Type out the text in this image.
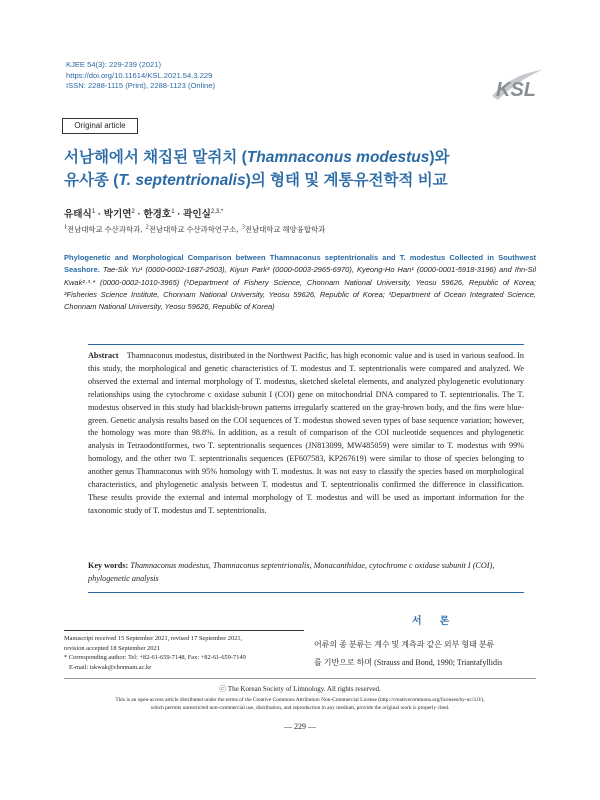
KJEE 54(3): 229-239 (2021)
https://doi.org/10.11614/KSL.2021.54.3.229
ISSN: 2288-1115 (Print), 2288-1123 (Online)	KSL
Original article
서남해에서 채집된 말쥐치 (Thamnaconus modestus)와
유사종 (T. septentrionalis)의 형태 및 계통유전학적 비교
유태식$^1$ · 박기연$^2$ · 한경호$^1$ · 곽인실$^{2,3,*}$
$^1$전남대학교 수산과학과, $^2$전남대학교 수산과학연구소, $^3$전남대학교 해양융합학과
Phylogenetic and Morphological Comparison between Thamnaconus septentrionalis and T. modestus Collected in Southwest Seashore. Tae-Sik Yu¹ (0000-0002-1687-2503), Kiyun Park² (0000-0003-2965-6970), Kyeong-Ho Han¹ (0000-0001-5918-3196) and Ihn-Sil Kwak²·³·* (0000-0002-1010-3965) (¹Department of Fishery Science, Chonnam National University, Yeosu 59626, Republic of Korea; ²Fisheries Science Institute, Chonnam National University, Yeosu 59626, Republic of Korea; ³Department of Ocean Integrated Science, Chonnam National University, Yeosu 59626, Republic of Korea)
Abstract Thamnaconus modestus, distributed in the Northwest Pacific, has high economic value and is used in various seafood. In this study, the morphological and genetic characteristics of T. modestus and T. septentrionalis were compared and analyzed. We observed the external and internal morphology of T. modestus, sketched skeletal elements, and analyzed phylogenetic evolutionary relationships using the cytochrome c oxidase subunit I (COI) gene on mitochondrial DNA compared to T. septentrionalis. The T. modestus observed in this study had blackish-brown patterns irregularly scattered on the gray-brown body, and the fins were blue-green. Genetic analysis results based on the COI sequences of T. modestus showed seven types of base sequence variation; however, the homology was more than 98.8%. In addition, as a result of comparison of the COI nucleotide sequences and phylogenetic analysis in Tetraodontiformes, two T. septentrionalis sequences (JN813099, MW485059) were similar to T. modestus with 99% homology, and the other two T. septentrionalis sequences (EF607583, KP267619) were similar to those of species belonging to another genus Thamnaconus with 95% homology with T. modestus. It was not easy to classify the species based on morphological characteristics, and phylogenetic analysis between T. modestus and T. septentrionalis confirmed the difference in classification. These results provide the external and internal morphology of T. modestus and will be used as important information for the taxonomic study of T. modestus and T. septentrionalis.
Key words: Thamnaconus modestus, Thamnaconus septentrionalis, Monacanthidae, cytochrome c oxidase subunit I (COI), phylogenetic analysis
서론
Manuscript received 15 September 2021, revised 17 September 2021,
revision accepted 18 September 2021
* Corresponding author: Tel: +82-61-659-7148, Fax: +82-61-659-7149
E-mail: iskwak@chonnam.ac.kr
어류의 종 분류는 계수 및 계측과 같은 외부 형태 분류
를 기반으로 하며 (Strauss and Bond, 1990; Triantafyllidis
ⓒ The Korean Society of Limnology. All rights reserved.
This is an open-access article distributed under the terms of the Creative Commons Attribution Non-Commercial License (http://creativecommons.org/licenses/by-nc/3.0/),
which permits unrestricted non-commercial use, distribution, and reproduction in any medium, provide the original work is properly cited.
— 229 —
